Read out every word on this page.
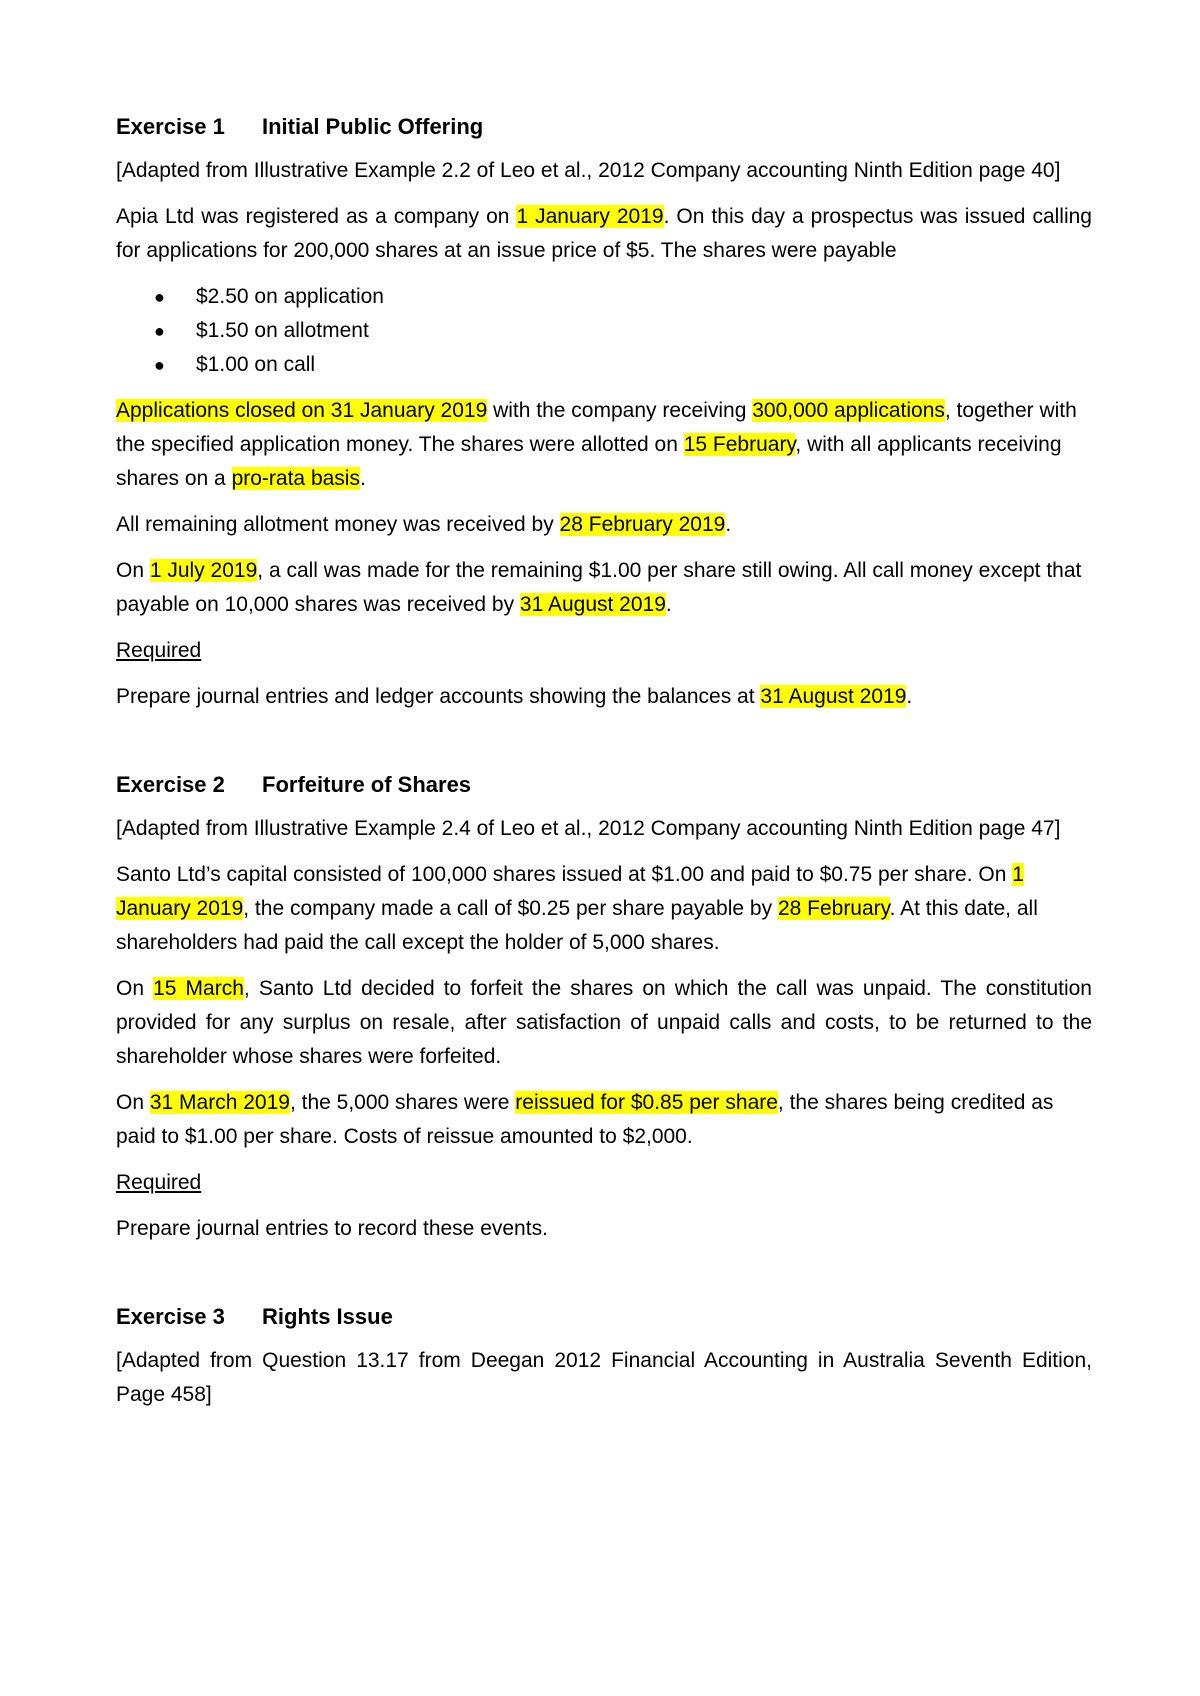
Exercise 1	Initial Public Offering
[Adapted from Illustrative Example 2.2 of Leo et al., 2012 Company accounting Ninth Edition page 40]
Apia Ltd was registered as a company on 1 January 2019. On this day a prospectus was issued calling for applications for 200,000 shares at an issue price of $5. The shares were payable
●	$2.50 on application
●	$1.50 on allotment
●	$1.00 on call
Applications closed on 31 January 2019 with the company receiving 300,000 applications, together with the specified application money. The shares were allotted on 15 February, with all applicants receiving shares on a pro-rata basis.
All remaining allotment money was received by 28 February 2019.
On 1 July 2019, a call was made for the remaining $1.00 per share still owing. All call money except that payable on 10,000 shares was received by 31 August 2019.
Required
Prepare journal entries and ledger accounts showing the balances at 31 August 2019.
Exercise 2	Forfeiture of Shares
[Adapted from Illustrative Example 2.4 of Leo et al., 2012 Company accounting Ninth Edition page 47]
Santo Ltd’s capital consisted of 100,000 shares issued at $1.00 and paid to $0.75 per share. On 1 January 2019, the company made a call of $0.25 per share payable by 28 February. At this date, all shareholders had paid the call except the holder of 5,000 shares.
On 15 March, Santo Ltd decided to forfeit the shares on which the call was unpaid. The constitution provided for any surplus on resale, after satisfaction of unpaid calls and costs, to be returned to the shareholder whose shares were forfeited.
On 31 March 2019, the 5,000 shares were reissued for $0.85 per share, the shares being credited as paid to $1.00 per share. Costs of reissue amounted to $2,000.
Required
Prepare journal entries to record these events.
Exercise 3	Rights Issue
[Adapted from Question 13.17 from Deegan 2012 Financial Accounting in Australia Seventh Edition, Page 458]
